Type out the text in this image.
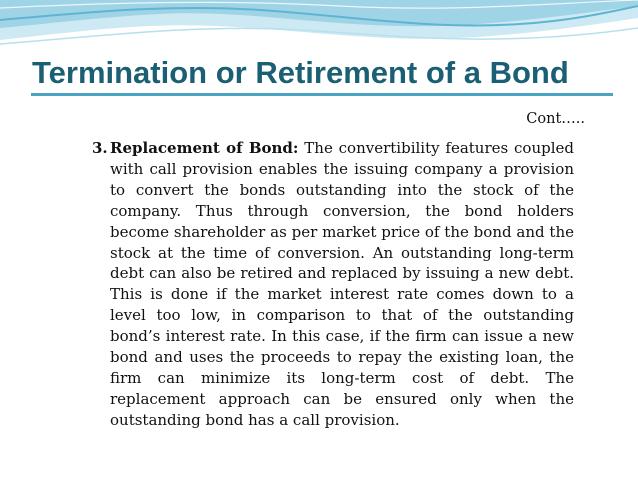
Termination or Retirement of a Bond
Cont…..
3. Replacement of Bond: The convertibility features coupled with call provision enables the issuing company a provision to convert the bonds outstanding into the stock of the company. Thus through conversion, the bond holders become shareholder as per market price of the bond and the stock at the time of conversion. An outstanding long-term debt can also be retired and replaced by issuing a new debt. This is done if the market interest rate comes down to a level too low, in comparison to that of the outstanding bond’s interest rate. In this case, if the firm can issue a new bond and uses the proceeds to repay the existing loan, the firm can minimize its long-term cost of debt. The replacement approach can be ensured only when the outstanding bond has a call provision.
